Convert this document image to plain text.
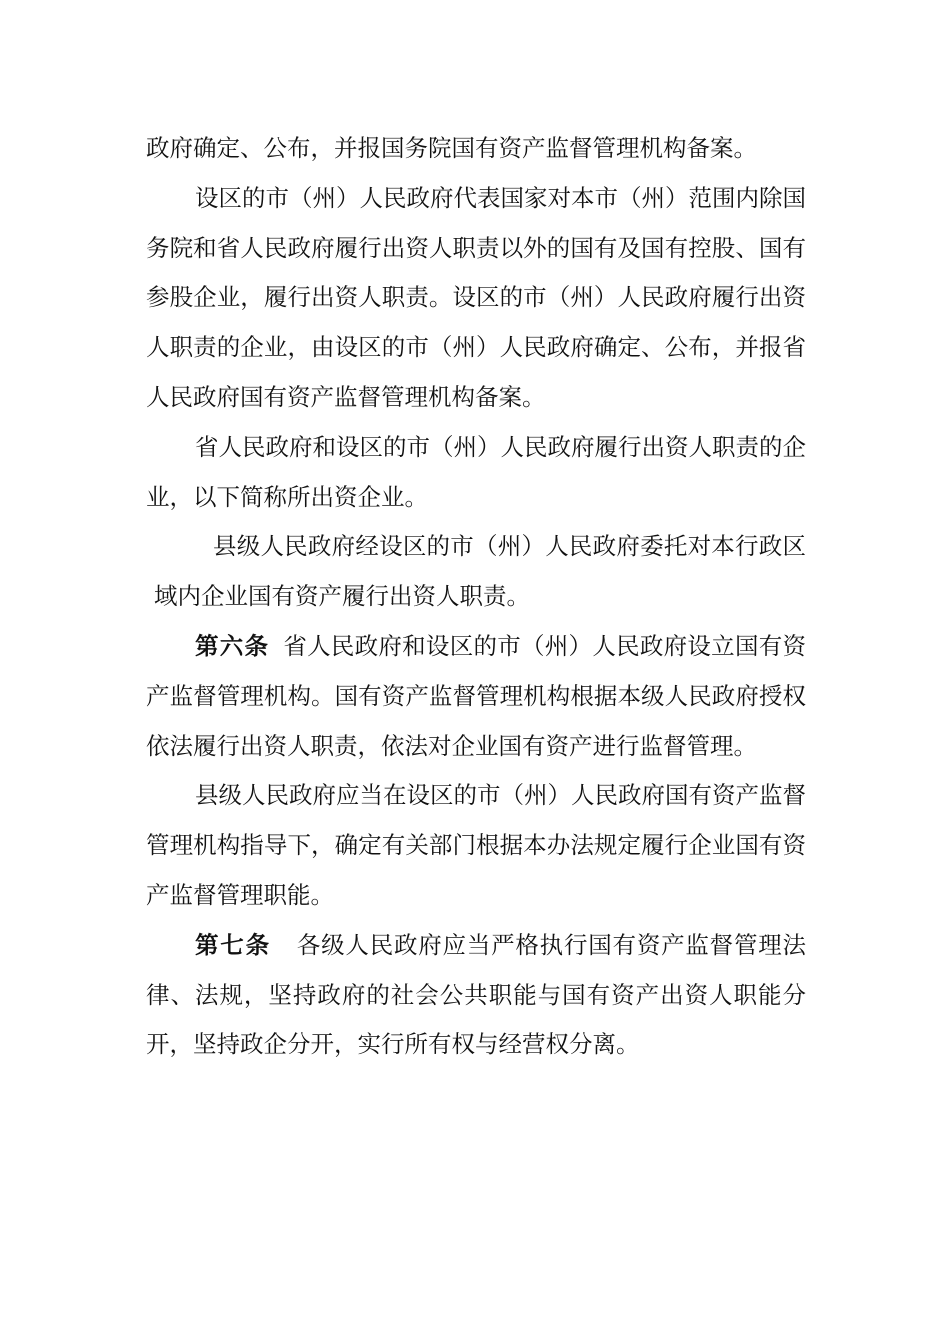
政府确定、公布，并报国务院国有资产监督管理机构备案。

设区的市（州）人民政府代表国家对本市（州）范围内除国务院和省人民政府履行出资人职责以外的国有及国有控股、国有参股企业，履行出资人职责。设区的市（州）人民政府履行出资人职责的企业，由设区的市（州）人民政府确定、公布，并报省人民政府国有资产监督管理机构备案。

省人民政府和设区的市（州）人民政府履行出资人职责的企业，以下简称所出资企业。

县级人民政府经设区的市（州）人民政府委托对本行政区域内企业国有资产履行出资人职责。

第六条 省人民政府和设区的市（州）人民政府设立国有资产监督管理机构。国有资产监督管理机构根据本级人民政府授权依法履行出资人职责，依法对企业国有资产进行监督管理。

县级人民政府应当在设区的市（州）人民政府国有资产监督管理机构指导下，确定有关部门根据本办法规定履行企业国有资产监督管理职能。

第七条 各级人民政府应当严格执行国有资产监督管理法律、法规，坚持政府的社会公共职能与国有资产出资人职能分开，坚持政企分开，实行所有权与经营权分离。
